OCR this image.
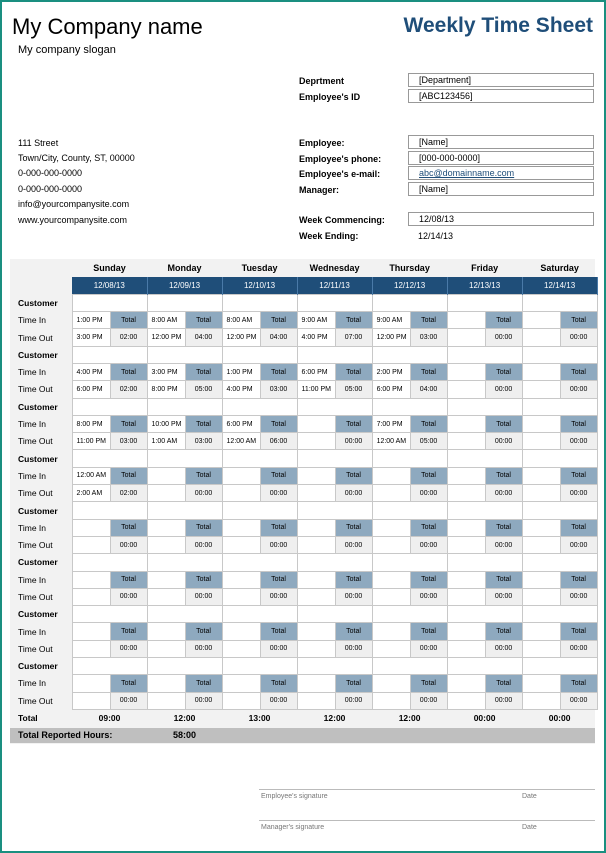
My Company name
My company slogan
Weekly Time Sheet
111 Street
Town/City, County, ST, 00000
0-000-000-0000
0-000-000-0000
info@yourcompanysite.com
www.yourcompanysite.com
Deprtment	[Department]
Employee's ID	[ABC123456]
Employee:	[Name]
Employee's phone:	[000-000-0000]
Employee's e-mail:	abc@domainname.com
Manager:	[Name]
Week Commencing:	12/08/13
Week Ending:	12/14/13
	Sunday		Monday		Tuesday		Wednesday		Thursday		Friday		Saturday	
	12/08/13		12/09/13		12/10/13		12/11/13		12/12/13		12/13/13		12/14/13	
Customer														
Time In	1:00 PM	Total	8:00 AM	Total	8:00 AM	Total	9:00 AM	Total	9:00 AM	Total		Total		Total
Time Out	3:00 PM	02:00	12:00 PM	04:00	12:00 PM	04:00	4:00 PM	07:00	12:00 PM	03:00		00:00		00:00
Customer														
Time In	4:00 PM	Total	3:00 PM	Total	1:00 PM	Total	6:00 PM	Total	2:00 PM	Total		Total		Total
Time Out	6:00 PM	02:00	8:00 PM	05:00	4:00 PM	03:00	11:00 PM	05:00	6:00 PM	04:00		00:00		00:00
Customer														
Time In	8:00 PM	Total	10:00 PM	Total	6:00 PM	Total		Total	7:00 PM	Total		Total		Total
Time Out	11:00 PM	03:00	1:00 AM	03:00	12:00 AM	06:00		00:00	12:00 AM	05:00		00:00		00:00
Customer														
Time In	12:00 AM	Total		Total		Total		Total		Total		Total		Total
Time Out	2:00 AM	02:00		00:00		00:00		00:00		00:00		00:00		00:00
Customer														
Time In		Total		Total		Total		Total		Total		Total		Total
Time Out		00:00		00:00		00:00		00:00		00:00		00:00		00:00
Customer														
Time In		Total		Total		Total		Total		Total		Total		Total
Time Out		00:00		00:00		00:00		00:00		00:00		00:00		00:00
Customer														
Time In		Total		Total		Total		Total		Total		Total		Total
Time Out		00:00		00:00		00:00		00:00		00:00		00:00		00:00
Customer														
Time In		Total		Total		Total		Total		Total		Total		Total
Time Out		00:00		00:00		00:00		00:00		00:00		00:00		00:00
Total	09:00		12:00		13:00		12:00		12:00		00:00		00:00	
Total Reported Hours:	58:00
Employee's signature	Date
Manager's signature	Date
